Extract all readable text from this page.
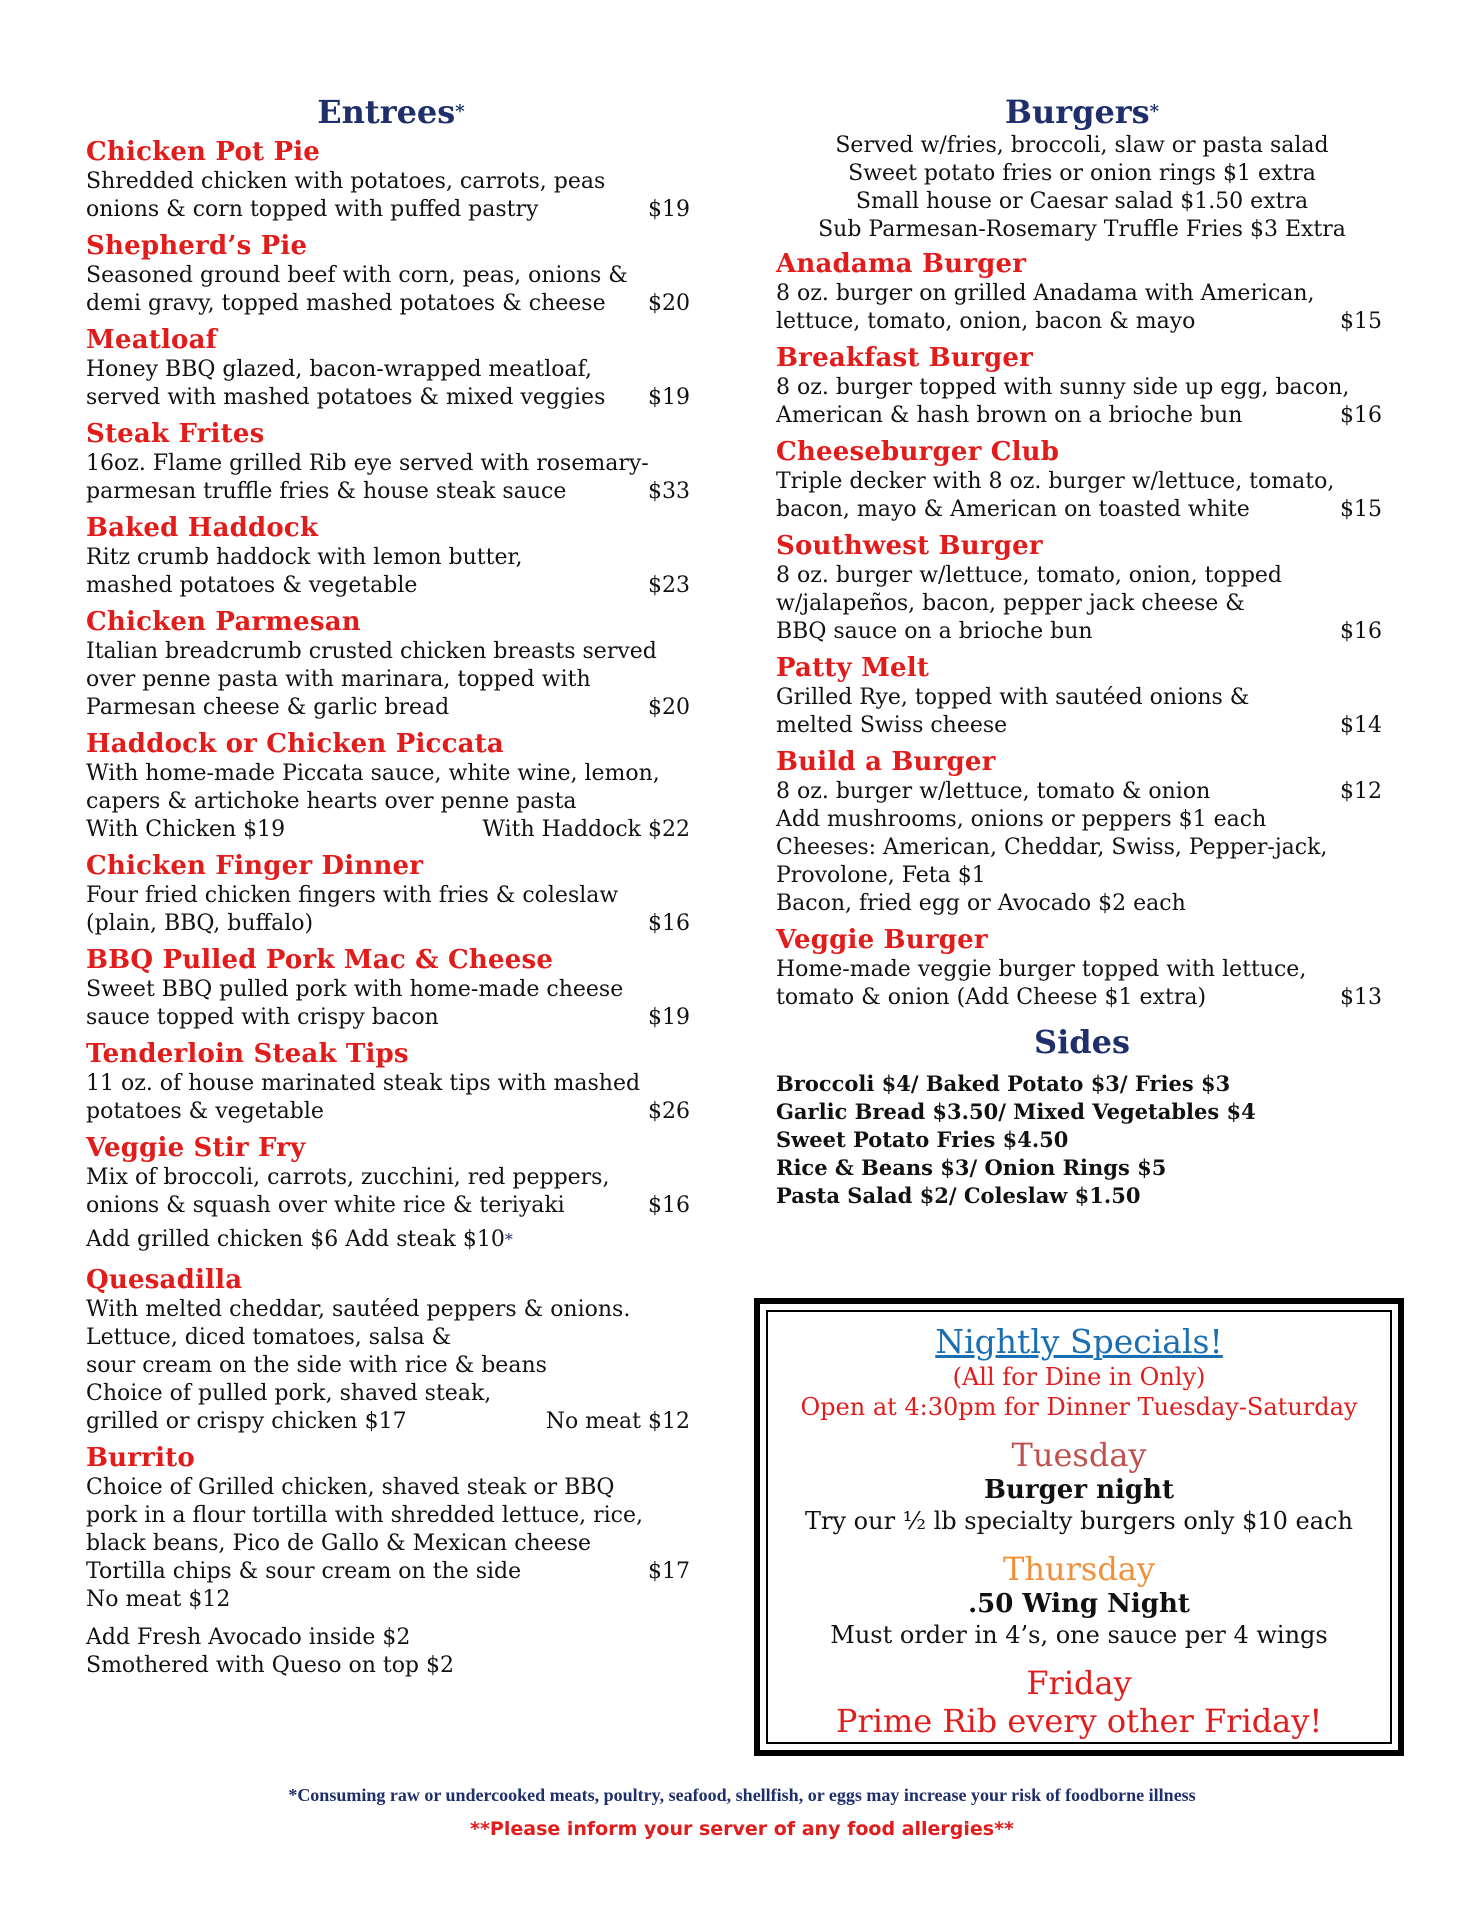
Entrees*
Chicken Pot Pie
Shredded chicken with potatoes, carrots, peas
onions & corn topped with puffed pastry	$19
Shepherd’s Pie
Seasoned ground beef with corn, peas, onions &
demi gravy, topped mashed potatoes & cheese $20
Meatloaf
Honey BBQ glazed, bacon-wrapped meatloaf,
served with mashed potatoes & mixed veggies $19
Steak Frites
16oz. Flame grilled Rib eye served with rosemary-
parmesan truffle fries & house steak sauce	$33
Baked Haddock
Ritz crumb haddock with lemon butter,
mashed potatoes & vegetable	$23
Chicken Parmesan
Italian breadcrumb crusted chicken breasts served
over penne pasta with marinara, topped with
Parmesan cheese & garlic bread	$20
Haddock or Chicken Piccata
With home-made Piccata sauce, white wine, lemon,
capers & artichoke hearts over penne pasta
With Chicken $19	With Haddock $22
Chicken Finger Dinner
Four fried chicken fingers with fries & coleslaw
(plain, BBQ, buffalo)	$16
BBQ Pulled Pork Mac & Cheese
Sweet BBQ pulled pork with home-made cheese
sauce topped with crispy bacon	$19
Tenderloin Steak Tips
11 oz. of house marinated steak tips with mashed
potatoes & vegetable	$26
Veggie Stir Fry
Mix of broccoli, carrots, zucchini, red peppers,
onions & squash over white rice & teriyaki	$16
Add grilled chicken $6 Add steak $10*
Quesadilla
With melted cheddar, sautéed peppers & onions.
Lettuce, diced tomatoes, salsa &
sour cream on the side with rice & beans
Choice of pulled pork, shaved steak,
grilled or crispy chicken $17	No meat $12
Burrito
Choice of Grilled chicken, shaved steak or BBQ
pork in a flour tortilla with shredded lettuce, rice,
black beans, Pico de Gallo & Mexican cheese
Tortilla chips & sour cream on the side	$17
No meat $12
Add Fresh Avocado inside $2
Smothered with Queso on top $2
Burgers*
Served w/fries, broccoli, slaw or pasta salad
Sweet potato fries or onion rings $1 extra
Small house or Caesar salad $1.50 extra
Sub Parmesan-Rosemary Truffle Fries $3 Extra
Anadama Burger
8 oz. burger on grilled Anadama with American,
lettuce, tomato, onion, bacon & mayo	$15
Breakfast Burger
8 oz. burger topped with sunny side up egg, bacon,
American & hash brown on a brioche bun	$16
Cheeseburger Club
Triple decker with 8 oz. burger w/lettuce, tomato,
bacon, mayo & American on toasted white	$15
Southwest Burger
8 oz. burger w/lettuce, tomato, onion, topped
w/jalapeños, bacon, pepper jack cheese &
BBQ sauce on a brioche bun	$16
Patty Melt
Grilled Rye, topped with sautéed onions &
melted Swiss cheese	$14
Build a Burger
8 oz. burger w/lettuce, tomato & onion	$12
Add mushrooms, onions or peppers $1 each
Cheeses: American, Cheddar, Swiss, Pepper-jack,
Provolone, Feta $1
Bacon, fried egg or Avocado $2 each
Veggie Burger
Home-made veggie burger topped with lettuce,
tomato & onion (Add Cheese $1 extra)	$13
Sides
Broccoli $4/ Baked Potato $3/ Fries $3
Garlic Bread $3.50/ Mixed Vegetables $4
Sweet Potato Fries $4.50
Rice & Beans $3/ Onion Rings $5
Pasta Salad $2/ Coleslaw $1.50
Nightly Specials!
(All for Dine in Only)
Open at 4:30pm for Dinner Tuesday-Saturday
Tuesday
Burger night
Try our ½ lb specialty burgers only $10 each
Thursday
.50 Wing Night
Must order in 4’s, one sauce per 4 wings
Friday
Prime Rib every other Friday!
*Consuming raw or undercooked meats, poultry, seafood, shellfish, or eggs may increase your risk of foodborne illness
**Please inform your server of any food allergies**
